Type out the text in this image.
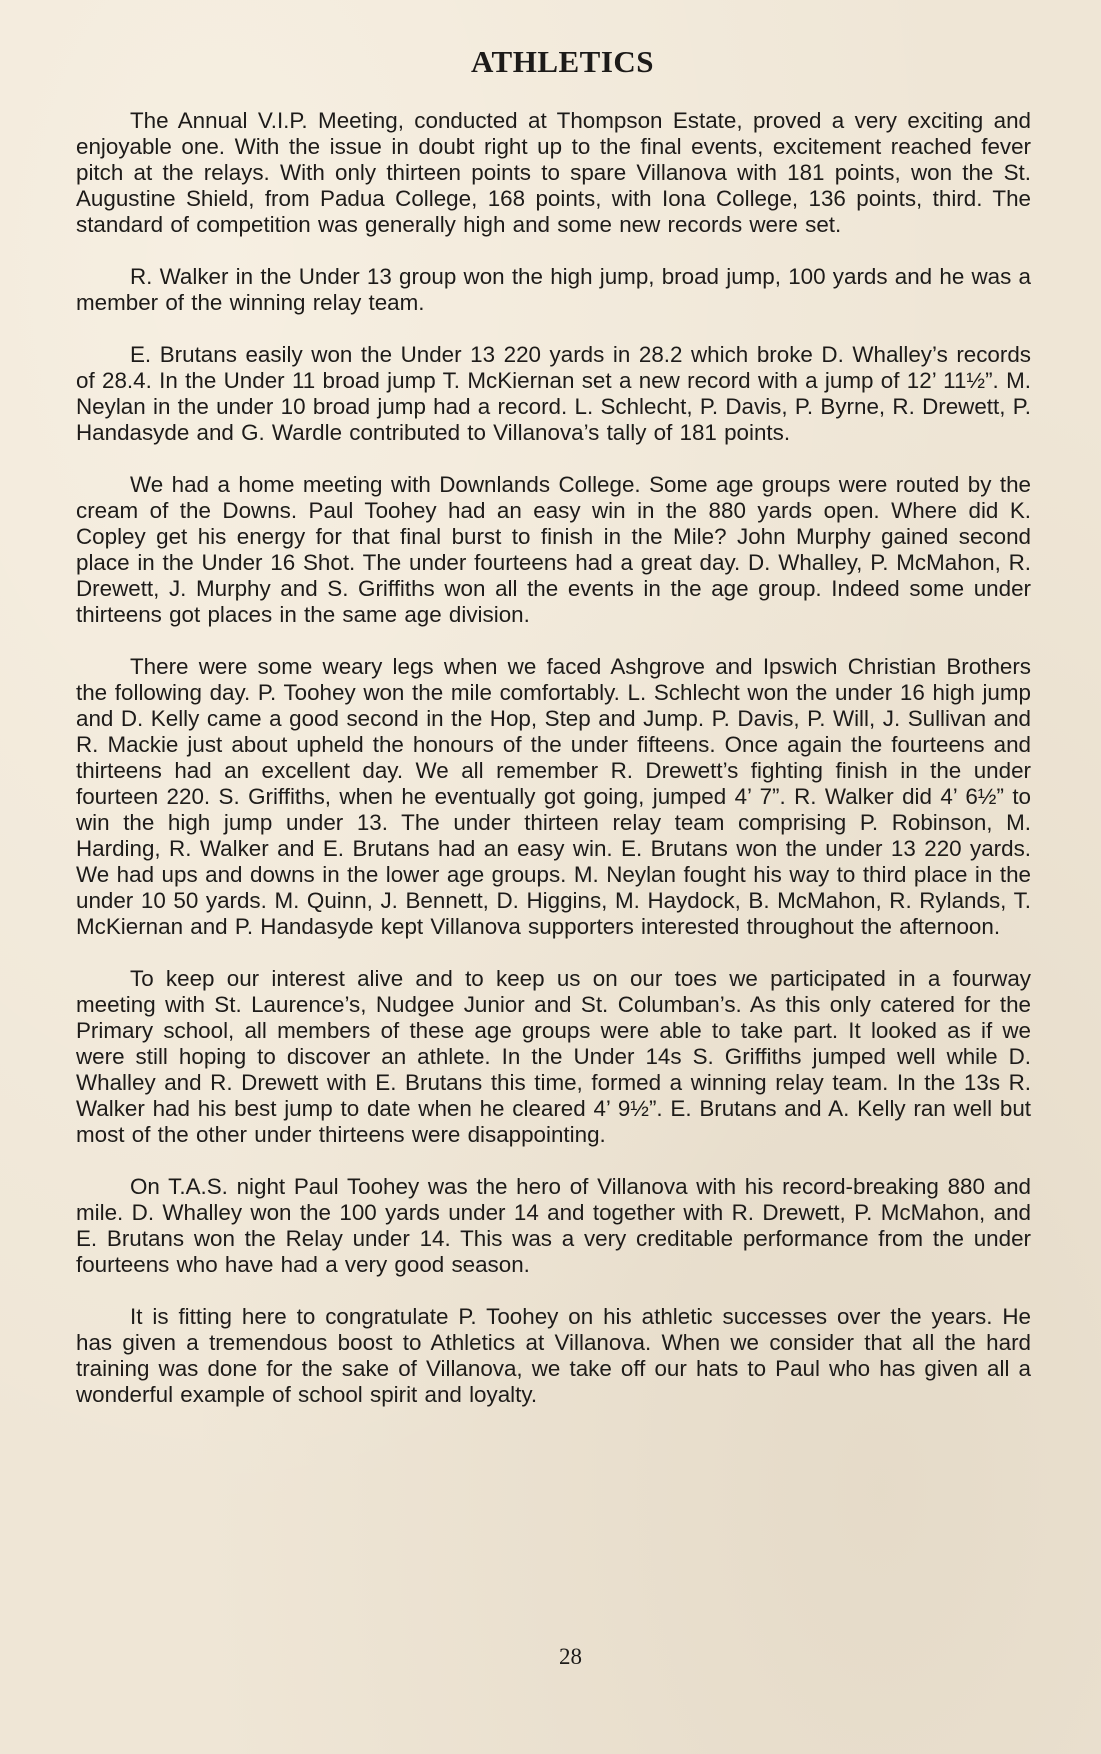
ATHLETICS

The Annual V.I.P. Meeting, conducted at Thompson Estate, proved a very exciting and enjoyable one. With the issue in doubt right up to the final events, excitement reached fever pitch at the relays. With only thirteen points to spare Villanova with 181 points, won the St. Augustine Shield, from Padua College, 168 points, with Iona College, 136 points, third. The standard of competition was generally high and some new records were set.

R. Walker in the Under 13 group won the high jump, broad jump, 100 yards and he was a member of the winning relay team.

E. Brutans easily won the Under 13 220 yards in 28.2 which broke D. Whalley’s records of 28.4. In the Under 11 broad jump T. McKiernan set a new record with a jump of 12’ 11½”. M. Neylan in the under 10 broad jump had a record. L. Schlecht, P. Davis, P. Byrne, R. Drewett, P. Handasyde and G. Wardle contributed to Villanova’s tally of 181 points.

We had a home meeting with Downlands College. Some age groups were routed by the cream of the Downs. Paul Toohey had an easy win in the 880 yards open. Where did K. Copley get his energy for that final burst to finish in the Mile? John Murphy gained second place in the Under 16 Shot. The under fourteens had a great day. D. Whalley, P. McMahon, R. Drewett, J. Murphy and S. Griffiths won all the events in the age group. Indeed some under thirteens got places in the same age division.

There were some weary legs when we faced Ashgrove and Ipswich Christian Brothers the following day. P. Toohey won the mile comfortably. L. Schlecht won the under 16 high jump and D. Kelly came a good second in the Hop, Step and Jump. P. Davis, P. Will, J. Sullivan and R. Mackie just about upheld the honours of the under fifteens. Once again the fourteens and thirteens had an excellent day. We all remember R. Drewett’s fighting finish in the under fourteen 220. S. Griffiths, when he eventually got going, jumped 4’ 7”. R. Walker did 4’ 6½” to win the high jump under 13. The under thirteen relay team comprising P. Robinson, M. Harding, R. Walker and E. Brutans had an easy win. E. Brutans won the under 13 220 yards. We had ups and downs in the lower age groups. M. Neylan fought his way to third place in the under 10 50 yards. M. Quinn, J. Bennett, D. Higgins, M. Haydock, B. McMahon, R. Rylands, T. McKiernan and P. Handasyde kept Villanova supporters interested throughout the afternoon.

To keep our interest alive and to keep us on our toes we participated in a fourway meeting with St. Laurence’s, Nudgee Junior and St. Columban’s. As this only catered for the Primary school, all members of these age groups were able to take part. It looked as if we were still hoping to discover an athlete. In the Under 14s S. Griffiths jumped well while D. Whalley and R. Drewett with E. Brutans this time, formed a winning relay team. In the 13s R. Walker had his best jump to date when he cleared 4’ 9½”. E. Brutans and A. Kelly ran well but most of the other under thirteens were disappointing.

On T.A.S. night Paul Toohey was the hero of Villanova with his record-breaking 880 and mile. D. Whalley won the 100 yards under 14 and together with R. Drewett, P. McMahon, and E. Brutans won the Relay under 14. This was a very creditable performance from the under fourteens who have had a very good season.

It is fitting here to congratulate P. Toohey on his athletic successes over the years. He has given a tremendous boost to Athletics at Villanova. When we consider that all the hard training was done for the sake of Villanova, we take off our hats to Paul who has given all a wonderful example of school spirit and loyalty.

28
